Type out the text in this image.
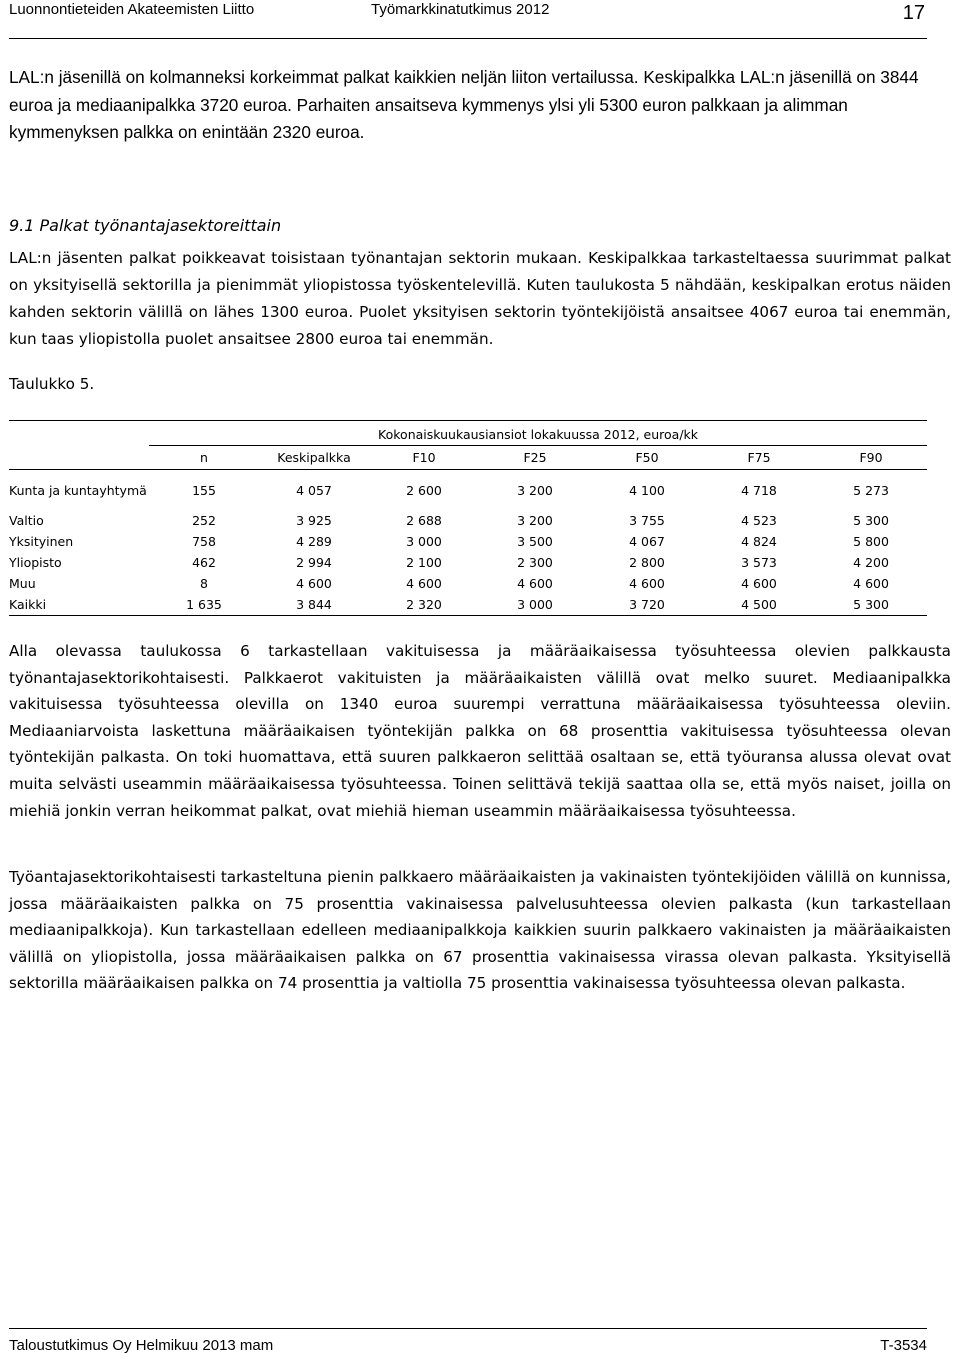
Luonnontieteiden Akateemisten Liitto	Työmarkkinatutkimus 2012	17

LAL:n jäsenillä on kolmanneksi korkeimmat palkat kaikkien neljän liiton vertailussa. Keskipalkka LAL:n jäsenillä on 3844 euroa ja mediaanipalkka 3720 euroa. Parhaiten ansaitseva kymmenys ylsi yli 5300 euron palkkaan ja alimman kymmenyksen palkka on enintään 2320 euroa.

9.1 Palkat työnantajasektoreittain

LAL:n jäsenten palkat poikkeavat toisistaan työnantajan sektorin mukaan. Keskipalkkaa tarkasteltaessa suurimmat palkat on yksityisellä sektorilla ja pienimmät yliopistossa työskentelevillä. Kuten taulukosta 5 nähdään, keskipalkan erotus näiden kahden sektorin välillä on lähes 1300 euroa. Puolet yksityisen sektorin työntekijöistä ansaitsee 4067 euroa tai enemmän, kun taas yliopistolla puolet ansaitsee 2800 euroa tai enemmän.

Taulukko 5.

	Kokonaiskuukausiansiot lokakuussa 2012, euroa/kk						
	n	Keskipalkka	F10	F25	F50	F75	F90
Kunta ja kuntayhtymä	155	4 057	2 600	3 200	4 100	4 718	5 273
Valtio	252	3 925	2 688	3 200	3 755	4 523	5 300
Yksityinen	758	4 289	3 000	3 500	4 067	4 824	5 800
Yliopisto	462	2 994	2 100	2 300	2 800	3 573	4 200
Muu	8	4 600	4 600	4 600	4 600	4 600	4 600
Kaikki	1 635	3 844	2 320	3 000	3 720	4 500	5 300

Alla olevassa taulukossa 6 tarkastellaan vakituisessa ja määräaikaisessa työsuhteessa olevien palkkausta työnantajasektorikohtaisesti. Palkkaerot vakituisten ja määräaikaisten välillä ovat melko suuret. Mediaanipalkka vakituisessa työsuhteessa olevilla on 1340 euroa suurempi verrattuna määräaikaisessa työsuhteessa oleviin. Mediaaniarvoista laskettuna määräaikaisen työntekijän palkka on 68 prosenttia vakituisessa työsuhteessa olevan työntekijän palkasta. On toki huomattava, että suuren palkkaeron selittää osaltaan se, että työuransa alussa olevat ovat muita selvästi useammin määräaikaisessa työsuhteessa. Toinen selittävä tekijä saattaa olla se, että myös naiset, joilla on miehiä jonkin verran heikommat palkat, ovat miehiä hieman useammin määräaikaisessa työsuhteessa.

Työantajasektorikohtaisesti tarkasteltuna pienin palkkaero määräaikaisten ja vakinaisten työntekijöiden välillä on kunnissa, jossa määräaikaisten palkka on 75 prosenttia vakinaisessa palvelusuhteessa olevien palkasta (kun tarkastellaan mediaanipalkkoja). Kun tarkastellaan edelleen mediaanipalkkoja kaikkien suurin palkkaero vakinaisten ja määräaikaisten välillä on yliopistolla, jossa määräaikaisen palkka on 67 prosenttia vakinaisessa virassa olevan palkasta. Yksityisellä sektorilla määräaikaisen palkka on 74 prosenttia ja valtiolla 75 prosenttia vakinaisessa työsuhteessa olevan palkasta.

Taloustutkimus Oy Helmikuu 2013 mam	T-3534
